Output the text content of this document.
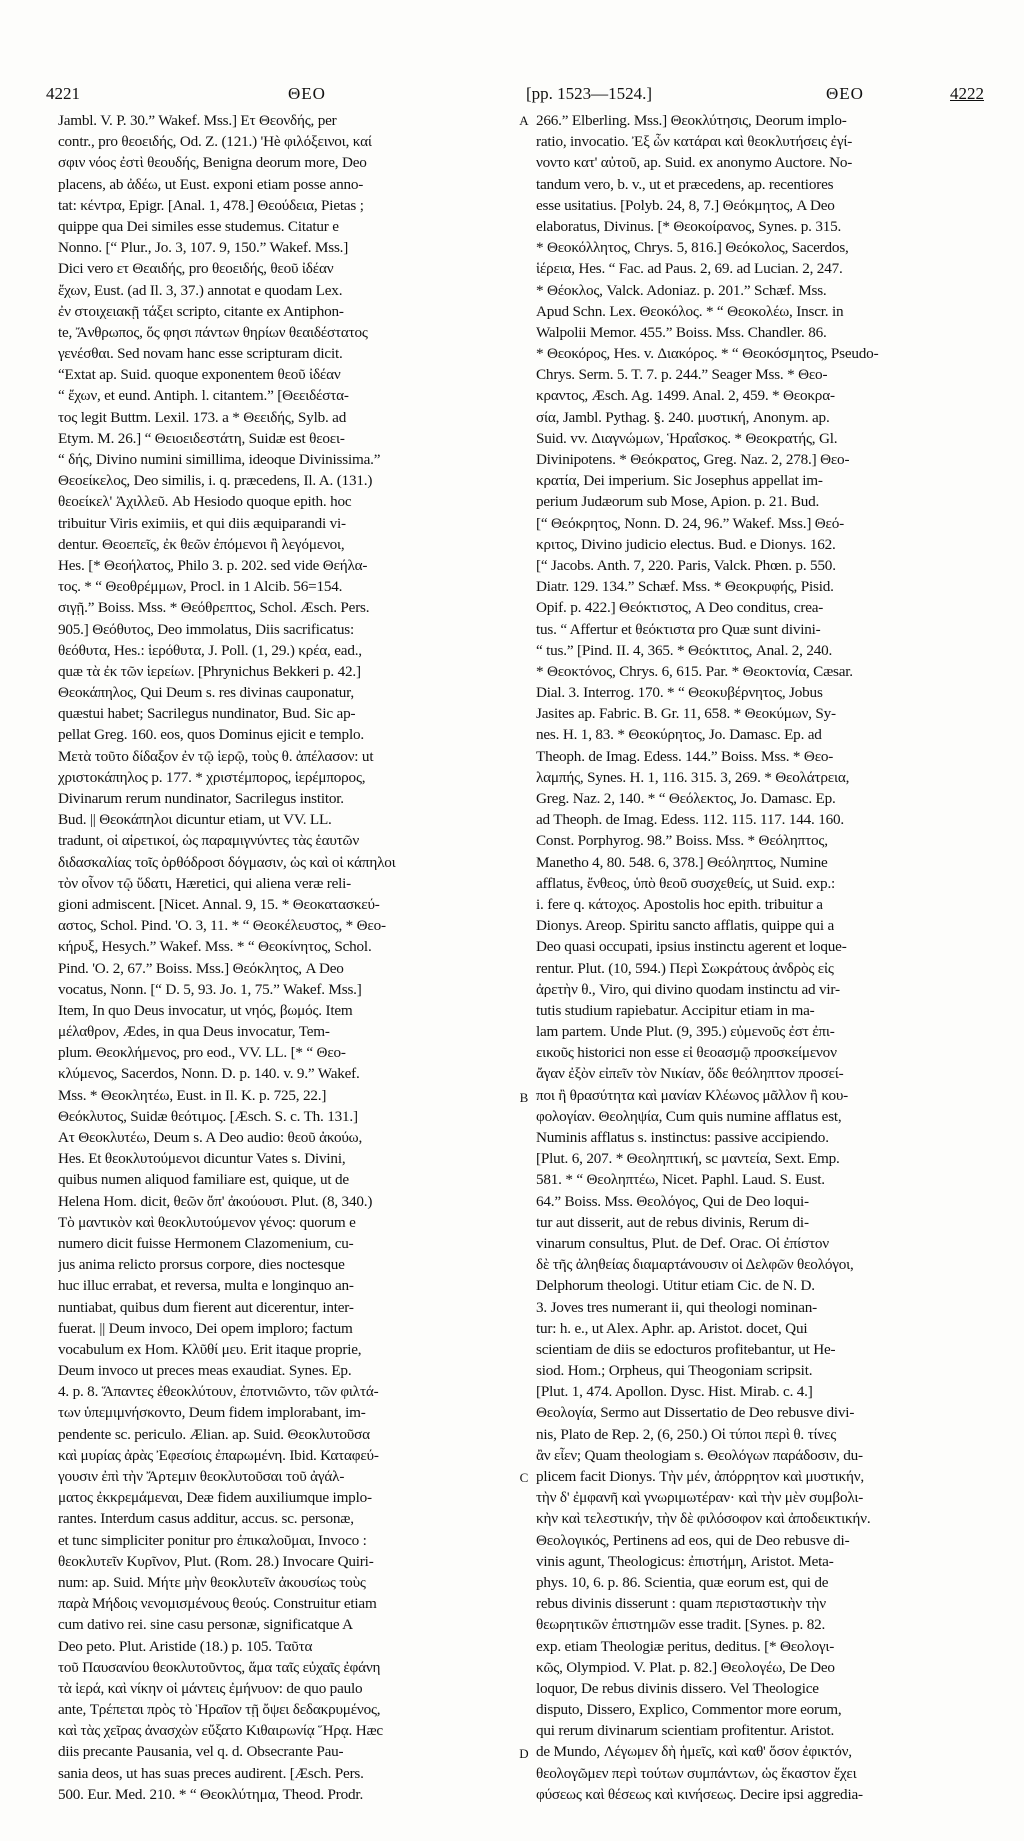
4221	ΘΕΟ	[pp. 1523—1524.]	ΘΕΟ	4222
A
B
C
D
Jambl. V. P. 30.” Wakef. Mss.] Ετ Θεονδής, per
contr., pro θεοειδής, Od. Z. (121.) 'Hè φιλόξεινοι, καί
σφιν νόος ἐστὶ θεουδής, Benigna deorum more, Deo
placens, ab ἀδέω, ut Eust. exponi etiam posse anno-
tat: κέντρα, Epigr. [Anal. 1, 478.] Θεούδεια, Pietas ;
quippe qua Dei similes esse studemus. Citatur e
Nonno. [“ Plur., Jo. 3, 107. 9, 150.” Wakef. Mss.]
Dici vero ετ Θεαιδής, pro θεοειδής, θεοῦ ἰδέαν
ἔχων, Eust. (ad Il. 3, 37.) annotat e quodam Lex.
ἐν στοιχειακῇ τάξει scripto, citante ex Antiphon-
te, Ἄνθρωπος, ὅς φησι πάντων θηρίων θεαιδέστατος
γενέσθαι. Sed novam hanc esse scripturam dicit.
“Extat ap. Suid. quoque exponentem θεοῦ ἰδέαν
“ ἔχων, et eund. Antiph. l. citantem.” [Θεειδέστα-
τος legit Buttm. Lexil. 173. a * Θεειδής, Sylb. ad
Etym. M. 26.] “ Θειοειδεστάτη, Suidæ est θεοει-
“ δής, Divino numini simillima, ideoque Divinissima.”
Θεοείκελος, Deo similis, i. q. præcedens, Il. A. (131.)
θεοείκελ' Ἀχιλλεῦ. Ab Hesiodo quoque epith. hoc
tribuitur Viris eximiis, et qui diis æquiparandi vi-
dentur. Θεοεπεῖς, ἐκ θεῶν ἐπόμενοι ἢ λεγόμενοι,
Hes. [* Θεοήλατος, Philo 3. p. 202. sed vide Θεήλα-
τος. * “ Θεοθρέμμων, Procl. in 1 Alcib. 56=154.
σιγῇ.” Boiss. Mss. * Θεόθρεπτος, Schol. Æsch. Pers.
905.] Θεόθυτος, Deo immolatus, Diis sacrificatus:
θεόθυτα, Hes.: ἱερόθυτα, J. Poll. (1, 29.) κρέα, ead.,
quæ τὰ ἐκ τῶν ἱερείων. [Phrynichus Bekkeri p. 42.]
Θεοκάπηλος, Qui Deum s. res divinas cauponatur,
quæstui habet; Sacrilegus nundinator, Bud. Sic ap-
pellat Greg. 160. eos, quos Dominus ejicit e templo.
Μετὰ τοῦτο δίδαξον ἐν τῷ ἱερῷ, τοὺς θ. ἀπέλασον: ut
χριστοκάπηλος p. 177. * χριστέμπορος, ἱερέμπορος,
Divinarum rerum nundinator, Sacrilegus institor.
Bud. || Θεοκάπηλοι dicuntur etiam, ut VV. LL.
tradunt, οἱ αἱρετικοί, ὡς παραμιγνύντες τὰς ἑαυτῶν
διδασκαλίας τοῖς ὀρθόδροσι δόγμασιν, ὡς καὶ οἱ κάπηλοι
τὸν οἶνον τῷ ὕδατι, Hæretici, qui aliena veræ reli-
gioni admiscent. [Nicet. Annal. 9, 15. * Θεοκατασκεύ-
αστος, Schol. Pind. 'O. 3, 11. * “ Θεοκέλευστος, * Θεο-
κήρυξ, Hesych.” Wakef. Mss. * “ Θεοκίνητος, Schol.
Pind. 'O. 2, 67.” Boiss. Mss.] Θεόκλητος, A Deo
vocatus, Nonn. [“ D. 5, 93. Jo. 1, 75.” Wakef. Mss.]
Item, In quo Deus invocatur, ut νηός, βωμός. Item
μέλαθρον, Ædes, in qua Deus invocatur, Tem-
plum. Θεοκλήμενος, pro eod., VV. LL. [* “ Θεο-
κλύμενος, Sacerdos, Nonn. D. p. 140. v. 9.” Wakef.
Mss. * Θεοκλητέω, Eust. in Il. K. p. 725, 22.]
Θεόκλυτος, Suidæ θεότιμος. [Æsch. S. c. Th. 131.]
Ατ Θεοκλυτέω, Deum s. A Deo audio: θεοῦ ἀκούω,
Hes. Et θεοκλυτούμενοι dicuntur Vates s. Divini,
quibus numen aliquod familiare est, quique, ut de
Helena Hom. dicit, θεῶν ὄπ' ἀκούουσι. Plut. (8, 340.)
Τὸ μαντικὸν καὶ θεοκλυτούμενον γένος: quorum e
numero dicit fuisse Hermonem Clazomenium, cu-
jus anima relicto prorsus corpore, dies noctesque
huc illuc errabat, et reversa, multa e longinquo an-
nuntiabat, quibus dum fierent aut dicerentur, inter-
fuerat. || Deum invoco, Dei opem imploro; factum
vocabulum ex Hom. Κλῦθί μευ. Erit itaque proprie,
Deum invoco ut preces meas exaudiat. Synes. Ep.
4. p. 8. Ἅπαντες ἐθεοκλύτουν, ἐποτνιῶντο, τῶν φιλτά-
των ὑπεμιμνήσκοντο, Deum fidem implorabant, im-
pendente sc. periculo. Ælian. ap. Suid. Θεοκλυτοῦσα
καὶ μυρίας ἀρὰς Ἐφεσίοις ἐπαρωμένη. Ibid. Καταφεύ-
γουσιν ἐπὶ τὴν Ἄρτεμιν θεοκλυτοῦσαι τοῦ ἀγάλ-
ματος ἐκκρεμάμεναι, Deæ fidem auxiliumque implo-
rantes. Interdum casus additur, accus. sc. personæ,
et tunc simpliciter ponitur pro ἐπικαλοῦμαι, Invoco :
θεοκλυτεῖν Κυρῖνον, Plut. (Rom. 28.) Invocare Quiri-
num: ap. Suid. Μήτε μὴν θεοκλυτεῖν ἀκουσίως τοὺς
παρὰ Μήδοις νενομισμένους θεούς. Construitur etiam
cum dativo rei. sine casu personæ, significatque A
Deo peto. Plut. Aristide (18.) p. 105. Ταῦτα
τοῦ Παυσανίου θεοκλυτοῦντος, ἅμα ταῖς εὐχαῖς ἐφάνη
τὰ ἱερά, καὶ νίκην οἱ μάντεις ἐμήνυον: de quo paulo
ante, Τρέπεται πρὸς τὸ Ἡραῖον τῇ ὄψει δεδακρυμένος,
καὶ τὰς χεῖρας ἀνασχὼν εὔξατο Κιθαιρωνίᾳ Ἥρᾳ. Hæc
diis precante Pausania, vel q. d. Obsecrante Pau-
sania deos, ut has suas preces audirent. [Æsch. Pers.
500. Eur. Med. 210. * “ Θεοκλύτημα, Theod. Prodr.
266.” Elberling. Mss.] Θεοκλύτησις, Deorum implo-
ratio, invocatio. Ἐξ ὧν κατάραι καὶ θεοκλυτήσεις ἐγί-
νοντο κατ' αὐτοῦ, ap. Suid. ex anonymo Auctore. No-
tandum vero, b. v., ut et præcedens, ap. recentiores
esse usitatius. [Polyb. 24, 8, 7.] Θεόκμητος, A Deo
elaboratus, Divinus. [* Θεοκοίρανος, Synes. p. 315.
* Θεοκόλλητος, Chrys. 5, 816.] Θεόκολος, Sacerdos,
ἱέρεια, Hes. “ Fac. ad Paus. 2, 69. ad Lucian. 2, 247.
* Θέοκλος, Valck. Adoniaz. p. 201.” Schæf. Mss.
Apud Schn. Lex. Θεοκόλος. * “ Θεοκολέω, Inscr. in
Walpolii Memor. 455.” Boiss. Mss. Chandler. 86.
* Θεοκόρος, Hes. v. Διακόρος. * “ Θεοκόσμητος, Pseudo-
Chrys. Serm. 5. T. 7. p. 244.” Seager Mss. * Θεο-
κραντος, Æsch. Ag. 1499. Anal. 2, 459. * Θεοκρα-
σία, Jambl. Pythag. §. 240. μυστική, Anonym. ap.
Suid. vv. Διαγνώμων, Ἡραΐσκος. * Θεοκρατής, Gl.
Divinipotens. * Θεόκρατος, Greg. Naz. 2, 278.] Θεο-
κρατία, Dei imperium. Sic Josephus appellat im-
perium Judæorum sub Mose, Apion. p. 21. Bud.
[“ Θεόκρητος, Nonn. D. 24, 96.” Wakef. Mss.] Θεό-
κριτος, Divino judicio electus. Bud. e Dionys. 162.
[“ Jacobs. Anth. 7, 220. Paris, Valck. Phœn. p. 550.
Diatr. 129. 134.” Schæf. Mss. * Θεοκρυφής, Pisid.
Opif. p. 422.] Θεόκτιστος, A Deo conditus, crea-
tus. “ Affertur et θεόκτιστα pro Quæ sunt divini-
“ tus.” [Pind. II. 4, 365. * Θεόκτιτος, Anal. 2, 240.
* Θεοκτόνος, Chrys. 6, 615. Par. * Θεοκτονία, Cæsar.
Dial. 3. Interrog. 170. * “ Θεοκυβέρνητος, Jobus
Jasites ap. Fabric. B. Gr. 11, 658. * Θεοκύμων, Sy-
nes. H. 1, 83. * Θεοκύρητος, Jo. Damasc. Ep. ad
Theoph. de Imag. Edess. 144.” Boiss. Mss. * Θεο-
λαμπής, Synes. H. 1, 116. 315. 3, 269. * Θεολάτρεια,
Greg. Naz. 2, 140. * “ Θεόλεκτος, Jo. Damasc. Ep.
ad Theoph. de Imag. Edess. 112. 115. 117. 144. 160.
Const. Porphyrog. 98.” Boiss. Mss. * Θεόληπτος,
Manetho 4, 80. 548. 6, 378.] Θεόληπτος, Numine
afflatus, ἔνθεος, ὑπὸ θεοῦ συσχεθείς, ut Suid. exp.:
i. fere q. κάτοχος. Apostolis hoc epith. tribuitur a
Dionys. Areop. Spiritu sancto afflatis, quippe qui a
Deo quasi occupati, ipsius instinctu agerent et loque-
rentur. Plut. (10, 594.) Περὶ Σωκράτους ἀνδρὸς εἰς
ἀρετὴν θ., Viro, qui divino quodam instinctu ad vir-
tutis studium rapiebatur. Accipitur etiam in ma-
lam partem. Unde Plut. (9, 395.) εὐμενοῦς ἐστ ἐπι-
εικοῦς historici non esse εἰ θεοασμῷ προσκείμενον
ἄγαν ἐξὸν εἰπεῖν τὸν Νικίαν, ὅδε θεόληπτον προσεί-
ποι ἢ θρασύτητα καὶ μανίαν Κλέωνος μᾶλλον ἢ κου-
φολογίαν. Θεοληψία, Cum quis numine afflatus est,
Numinis afflatus s. instinctus: passive accipiendo.
[Plut. 6, 207. * Θεοληπτική, sc μαντεία, Sext. Emp.
581. * “ Θεοληπτέω, Nicet. Paphl. Laud. S. Eust.
64.” Boiss. Mss. Θεολόγος, Qui de Deo loqui-
tur aut disserit, aut de rebus divinis, Rerum di-
vinarum consultus, Plut. de Def. Orac. Οἱ ἐπίστον
δὲ τῆς ἀληθείας διαμαρτάνουσιν οἱ Δελφῶν θεολόγοι,
Delphorum theologi. Utitur etiam Cic. de N. D.
3. Joves tres numerant ii, qui theologi nominan-
tur: h. e., ut Alex. Aphr. ap. Aristot. docet, Qui
scientiam de diis se edocturos profitebantur, ut He-
siod. Hom.; Orpheus, qui Theogoniam scripsit.
[Plut. 1, 474. Apollon. Dysc. Hist. Mirab. c. 4.]
Θεολογία, Sermo aut Dissertatio de Deo rebusve divi-
nis, Plato de Rep. 2, (6, 250.) Οἱ τύποι περὶ θ. τίνες
ἂν εἶεν; Quam theologiam s. Θεολόγων παράδοσιν, du-
plicem facit Dionys. Τὴν μέν, ἀπόρρητον καὶ μυστικήν,
τὴν δ' ἐμφανῆ καὶ γνωριμωτέραν· καὶ τὴν μὲν συμβολι-
κὴν καὶ τελεστικήν, τὴν δὲ φιλόσοφον καὶ ἀποδεικτικήν.
Θεολογικός, Pertinens ad eos, qui de Deo rebusve di-
vinis agunt, Theologicus: ἐπιστήμη, Aristot. Meta-
phys. 10, 6. p. 86. Scientia, quæ eorum est, qui de
rebus divinis disserunt : quam περισταστικὴν τὴν
θεωρητικῶν ἐπιστημῶν esse tradit. [Synes. p. 82.
exp. etiam Theologiæ peritus, deditus. [* Θεολογι-
κῶς, Olympiod. V. Plat. p. 82.] Θεολογέω, De Deo
loquor, De rebus divinis dissero. Vel Theologice
disputo, Dissero, Explico, Commentor more eorum,
qui rerum divinarum scientiam profitentur. Aristot.
de Mundo, Λέγωμεν δὴ ἡμεῖς, καὶ καθ' ὅσον ἐφικτόν,
θεολογῶμεν περὶ τούτων συμπάντων, ὡς ἕκαστον ἔχει
φύσεως καὶ θέσεως καὶ κινήσεως. Decire ipsi aggredia-
